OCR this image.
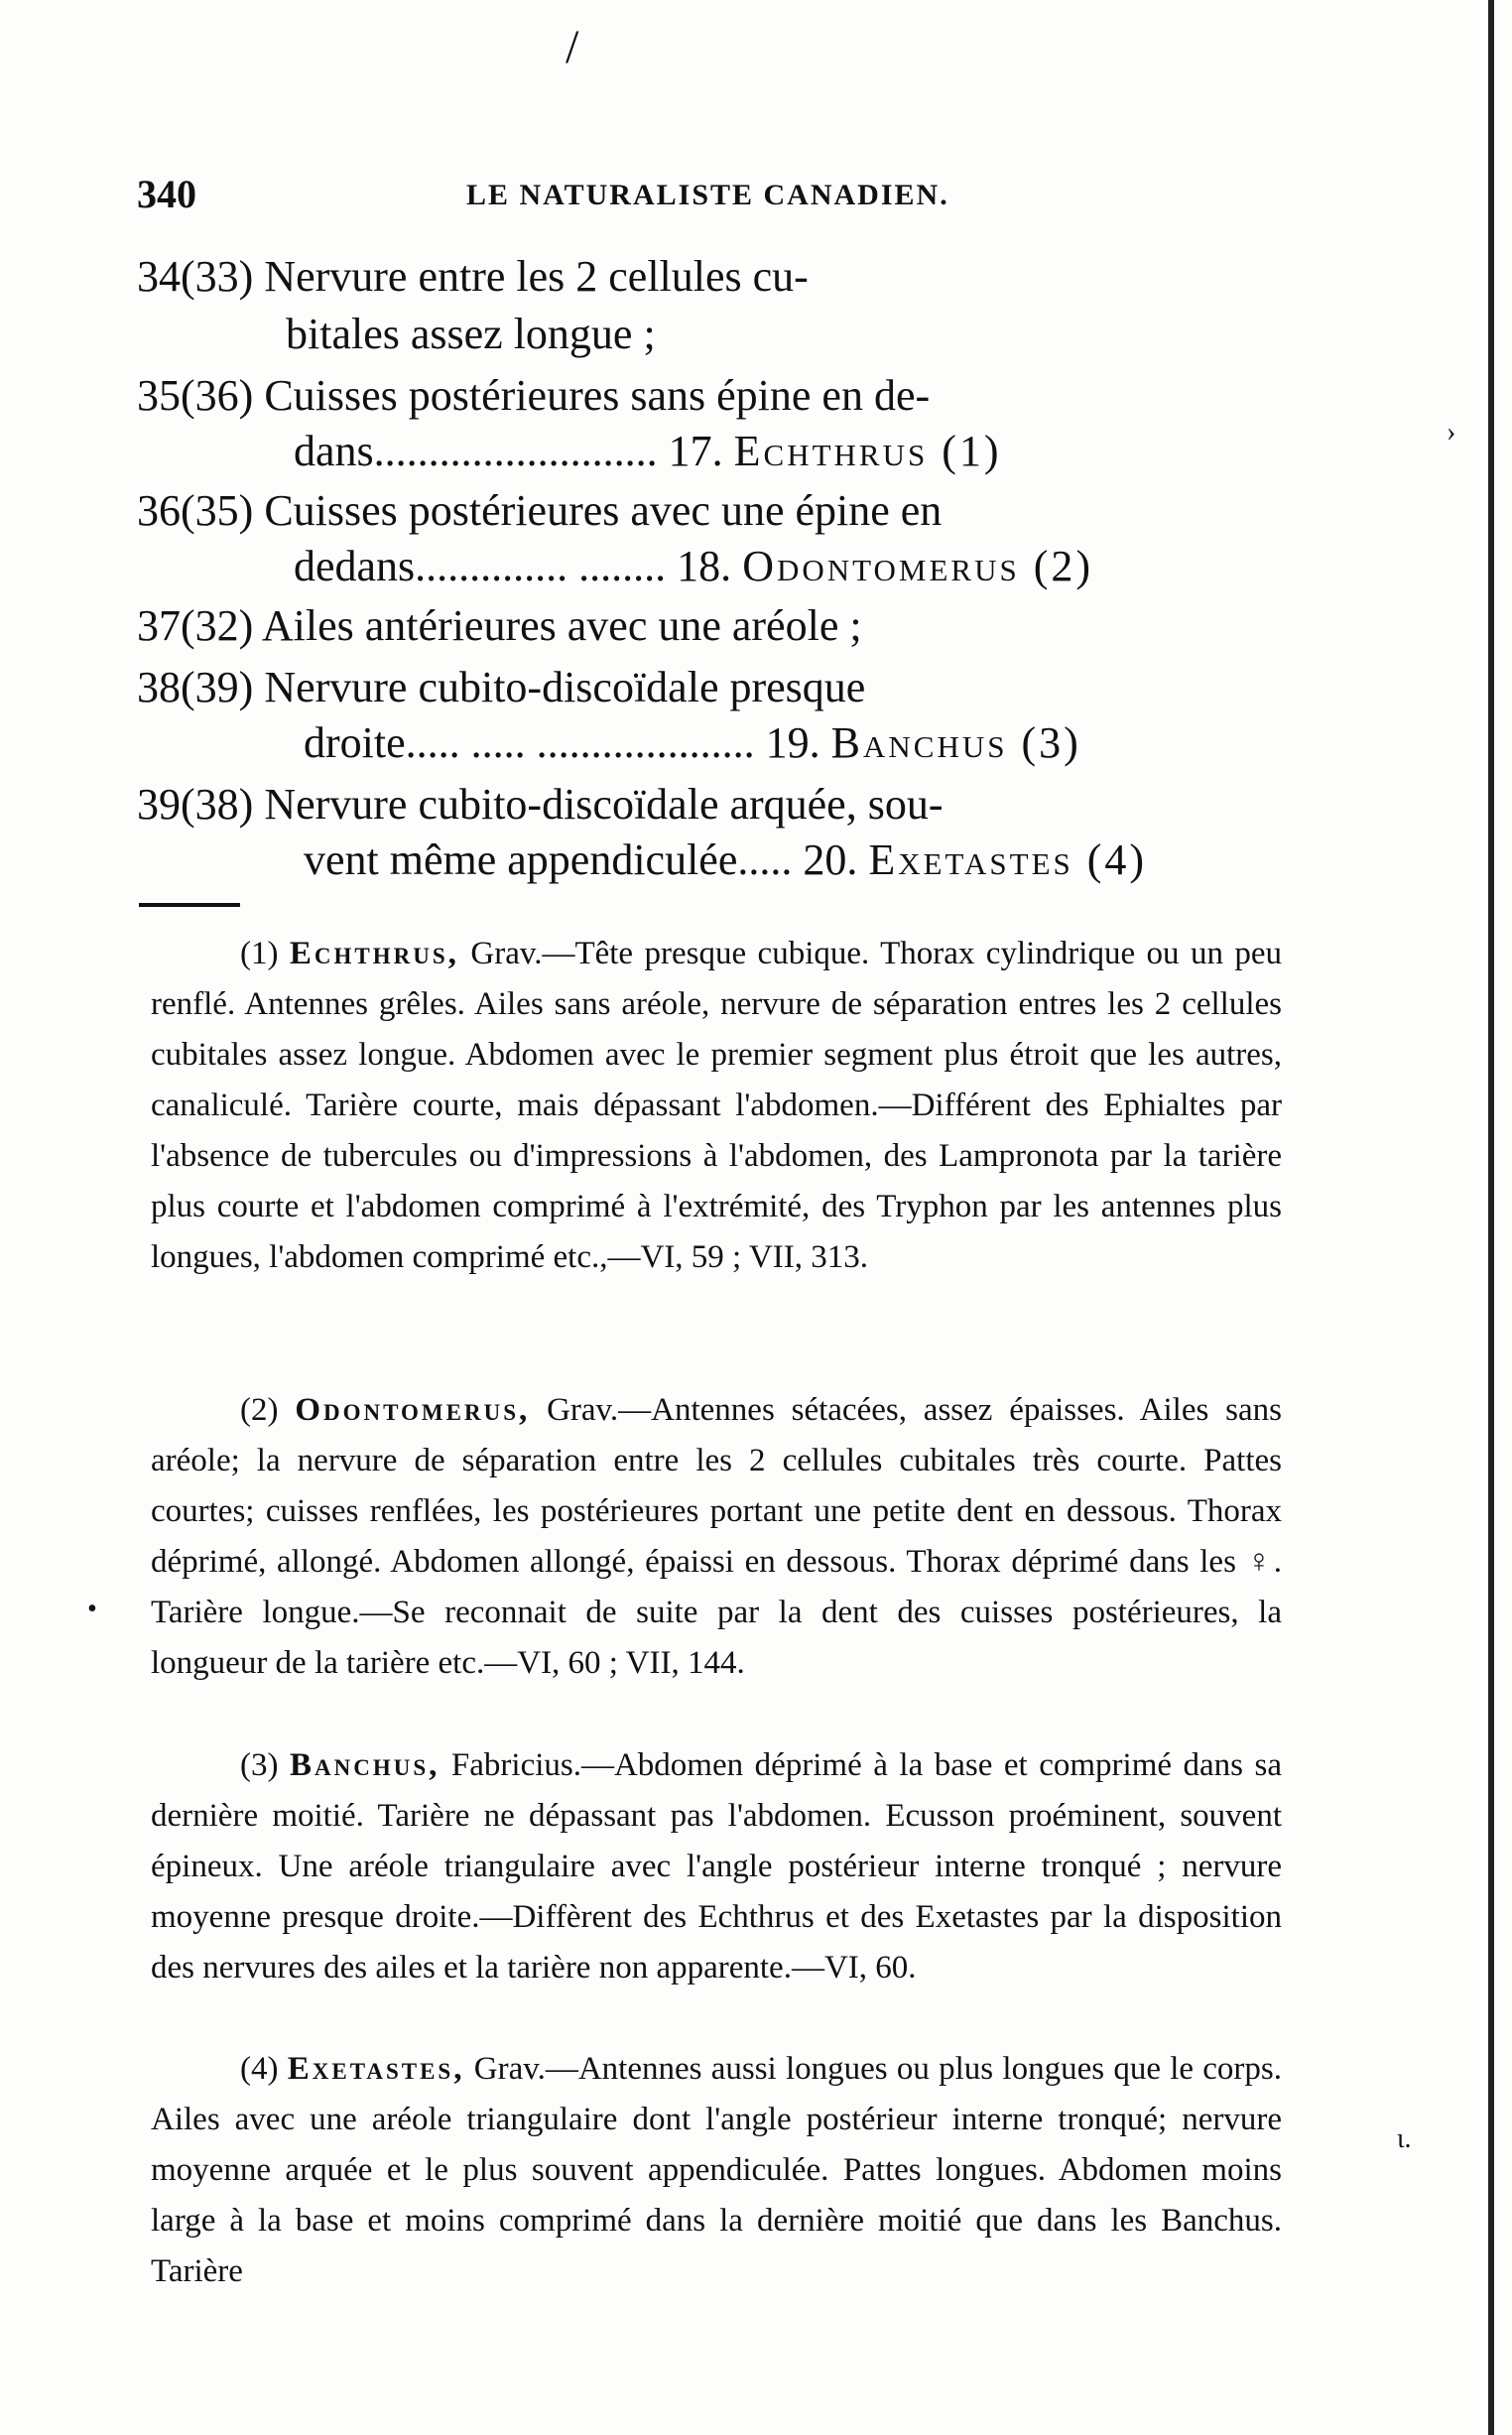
/
340	LE NATURALISTE CANADIEN.
34(33) Nervure entre les 2 cellules cu-
bitales assez longue ;
35(36) Cuisses postérieures sans épine en de-
dans.......................... 17. Echthrus (1)
36(35) Cuisses postérieures avec une épine en
dedans.............. ........ 18. Odontomerus (2)
37(32) Ailes antérieures avec une aréole ;
38(39) Nervure cubito-discoïdale presque
droite..... ..... .................... 19. Banchus (3)
39(38) Nervure cubito-discoïdale arquée, sou-
vent même appendiculée..... 20. Exetastes (4)

(1) Echthrus, Grav.—Tête presque cubique. Thorax cylindrique ou un peu renflé. Antennes grêles. Ailes sans aréole, nervure de séparation entres les 2 cellules cubitales assez longue. Abdomen avec le premier segment plus étroit que les autres, canaliculé. Tarière courte, mais dépassant l'abdomen.—Différent des Ephialtes par l'absence de tubercules ou d'impressions à l'abdomen, des Lampronota par la tarière plus courte et l'abdomen comprimé à l'extrémité, des Tryphon par les antennes plus longues, l'abdomen comprimé etc.,—VI, 59 ; VII, 313.

(2) Odontomerus, Grav.—Antennes sétacées, assez épaisses. Ailes sans aréole; la nervure de séparation entre les 2 cellules cubitales très courte. Pattes courtes; cuisses renflées, les postérieures portant une petite dent en dessous. Thorax déprimé, allongé. Abdomen allongé, épaissi en dessous. Thorax déprimé dans les ♀. Tarière longue.—Se reconnait de suite par la dent des cuisses postérieures, la longueur de la tarière etc.—VI, 60 ; VII, 144.

(3) Banchus, Fabricius.—Abdomen déprimé à la base et comprimé dans sa dernière moitié. Tarière ne dépassant pas l'abdomen. Ecusson proéminent, souvent épineux. Une aréole triangulaire avec l'angle postérieur interne tronqué ; nervure moyenne presque droite.—Diffèrent des Echthrus et des Exetastes par la disposition des nervures des ailes et la tarière non apparente.—VI, 60.

(4) Exetastes, Grav.—Antennes aussi longues ou plus longues que le corps. Ailes avec une aréole triangulaire dont l'angle postérieur interne tronqué; nervure moyenne arquée et le plus souvent appendiculée. Pattes longues. Abdomen moins large à la base et moins comprimé dans la dernière moitié que dans les Banchus. Tarière

›
ɩ.
•
